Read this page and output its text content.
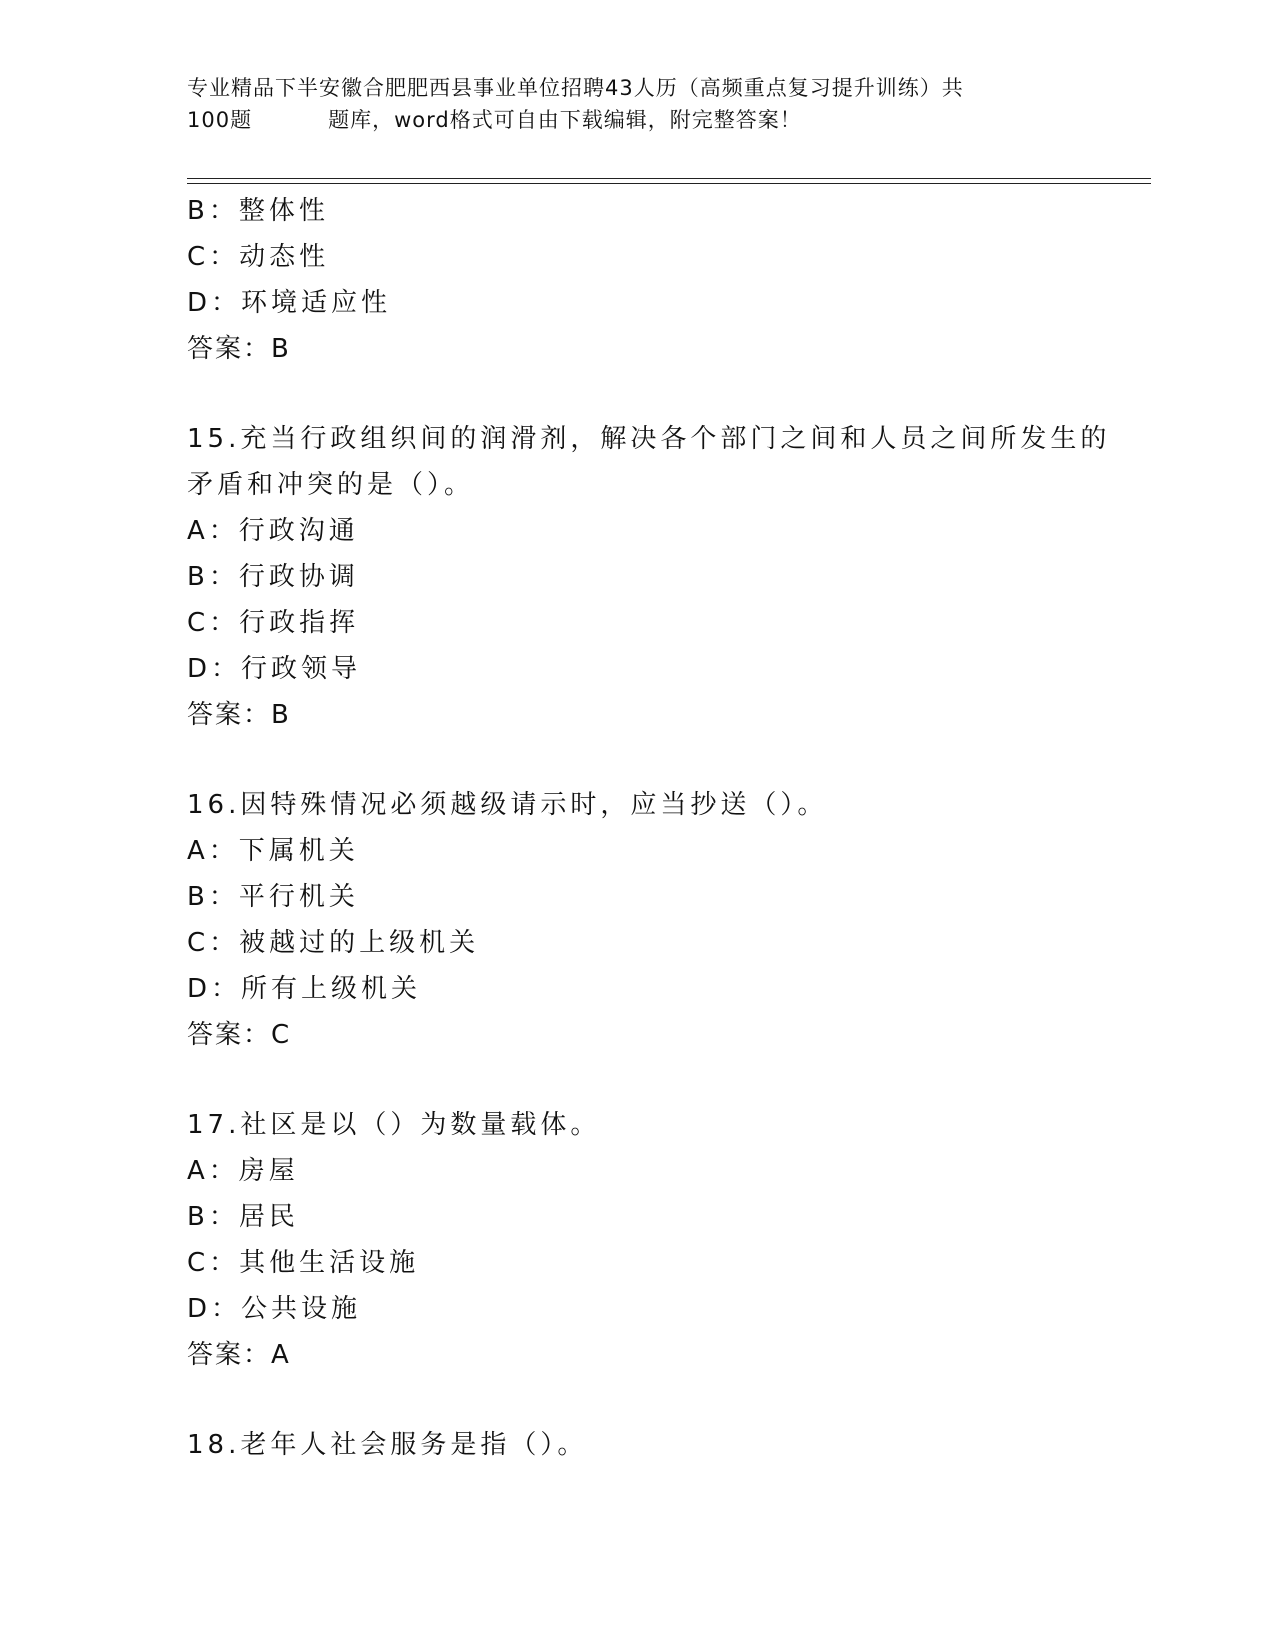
专业精品下半安徽合肥肥西县事业单位招聘43人历（高频重点复习提升训练）共
100题	题库，word格式可自由下载编辑，附完整答案！
B：整体性
C：动态性
D：环境适应性
答案：B
15.充当行政组织间的润滑剂，解决各个部门之间和人员之间所发生的
矛盾和冲突的是（）。
A：行政沟通
B：行政协调
C：行政指挥
D：行政领导
答案：B
16.因特殊情况必须越级请示时，应当抄送（）。
A：下属机关
B：平行机关
C：被越过的上级机关
D：所有上级机关
答案：C
17.社区是以（）为数量载体。
A：房屋
B：居民
C：其他生活设施
D：公共设施
答案：A
18.老年人社会服务是指（）。
